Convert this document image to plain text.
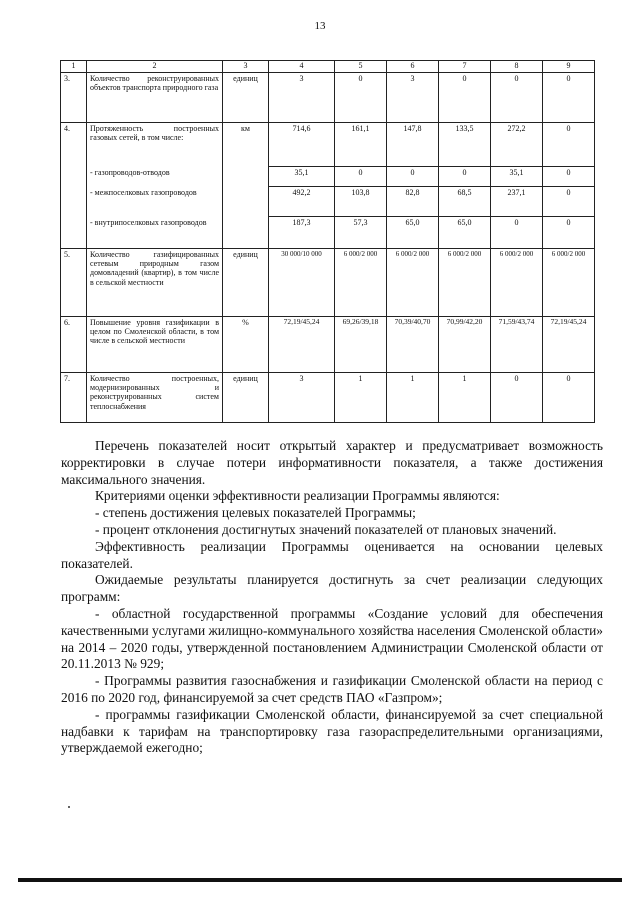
13
1	2	3	4	5	6	7	8	9
3.	Количество реконструированных объектов транспорта природного газа	единиц	3	0	3	0	0	0
4.	Протяженность построенных газовых сетей, в том числе:	км	714,6	161,1	147,8	133,5	272,2	0
	- газопроводов-отводов		35,1	0	0	0	35,1	0
	- межпоселковых газопроводов		492,2	103,8	82,8	68,5	237,1	0
	- внутрипоселковых газопроводов		187,3	57,3	65,0	65,0	0	0
5.	Количество газифицированных сетевым природным газом домовладений (квартир), в том числе в сельской местности	единиц	30 000/10 000	6 000/2 000	6 000/2 000	6 000/2 000	6 000/2 000	6 000/2 000
6.	Повышение уровня газификации в целом по Смоленской области, в том числе в сельской местности	%	72,19/45,24	69,26/39,18	70,39/40,70	70,99/42,20	71,59/43,74	72,19/45,24
7.	Количество построенных, модернизированных и реконструированных систем теплоснабжения	единиц	3	1	1	1	0	0

Перечень показателей носит открытый характер и предусматривает возможность корректировки в случае потери информативности показателя, а также достижения максимального значения.

Критериями оценки эффективности реализации Программы являются:

- степень достижения целевых показателей Программы;

- процент отклонения достигнутых значений показателей от плановых значений.

Эффективность реализации Программы оценивается на основании целевых показателей.

Ожидаемые результаты планируется достигнуть за счет реализации следующих программ:

- областной государственной программы «Создание условий для обеспечения качественными услугами жилищно-коммунального хозяйства населения Смоленской области» на 2014 – 2020 годы, утвержденной постановлением Администрации Смоленской области от 20.11.2013 № 929;

- Программы развития газоснабжения и газификации Смоленской области на период с 2016 по 2020 год, финансируемой за счет средств ПАО «Газпром»;

- программы газификации Смоленской области, финансируемой за счет специальной надбавки к тарифам на транспортировку газа газораспределительными организациями, утверждаемой ежегодно;
